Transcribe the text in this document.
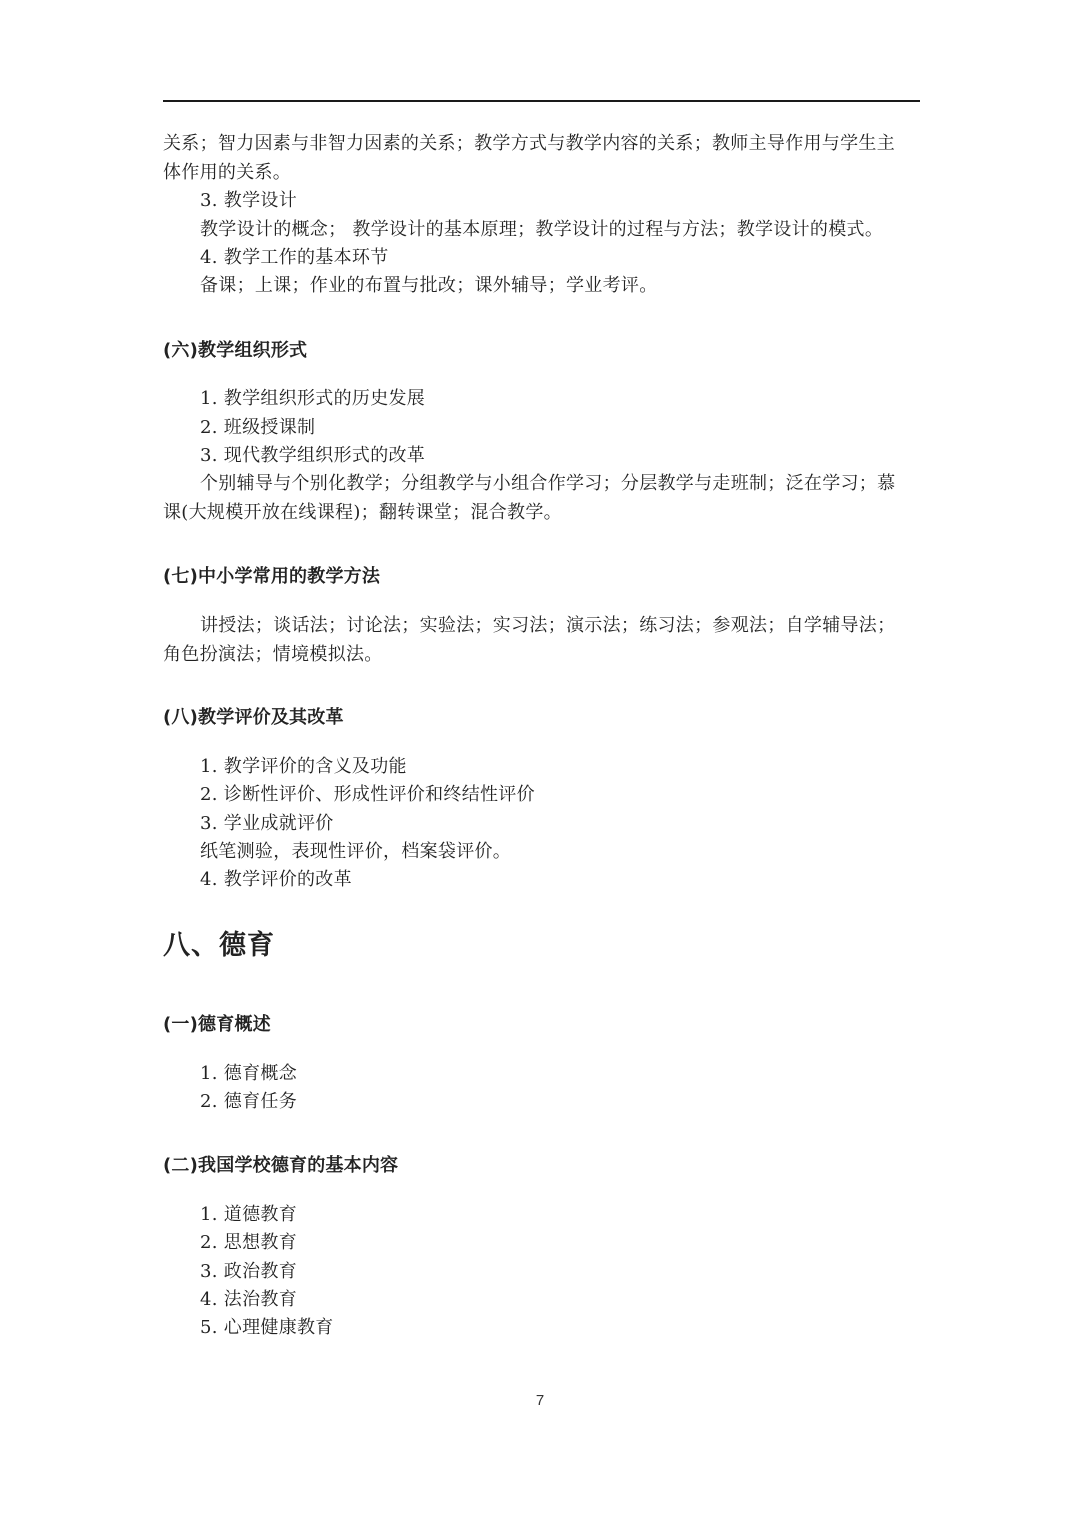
关系；智力因素与非智力因素的关系；教学方式与教学内容的关系；教师主导作用与学生主

体作用的关系。

3. 教学设计

教学设计的概念； 教学设计的基本原理；教学设计的过程与方法；教学设计的模式。

4. 教学工作的基本环节

备课；上课；作业的布置与批改；课外辅导；学业考评。

(六)教学组织形式

1. 教学组织形式的历史发展

2. 班级授课制

3. 现代教学组织形式的改革

个别辅导与个别化教学；分组教学与小组合作学习；分层教学与走班制；泛在学习；慕

课(大规模开放在线课程)；翻转课堂；混合教学。

(七)中小学常用的教学方法

讲授法；谈话法；讨论法；实验法；实习法；演示法；练习法；参观法；自学辅导法；

角色扮演法；情境模拟法。

(八)教学评价及其改革

1. 教学评价的含义及功能

2. 诊断性评价、形成性评价和终结性评价

3. 学业成就评价

纸笔测验，表现性评价，档案袋评价。

4. 教学评价的改革

八、德育
(一)德育概述

1. 德育概念

2. 德育任务

(二)我国学校德育的基本内容

1. 道德教育

2. 思想教育

3. 政治教育

4. 法治教育

5. 心理健康教育

7
